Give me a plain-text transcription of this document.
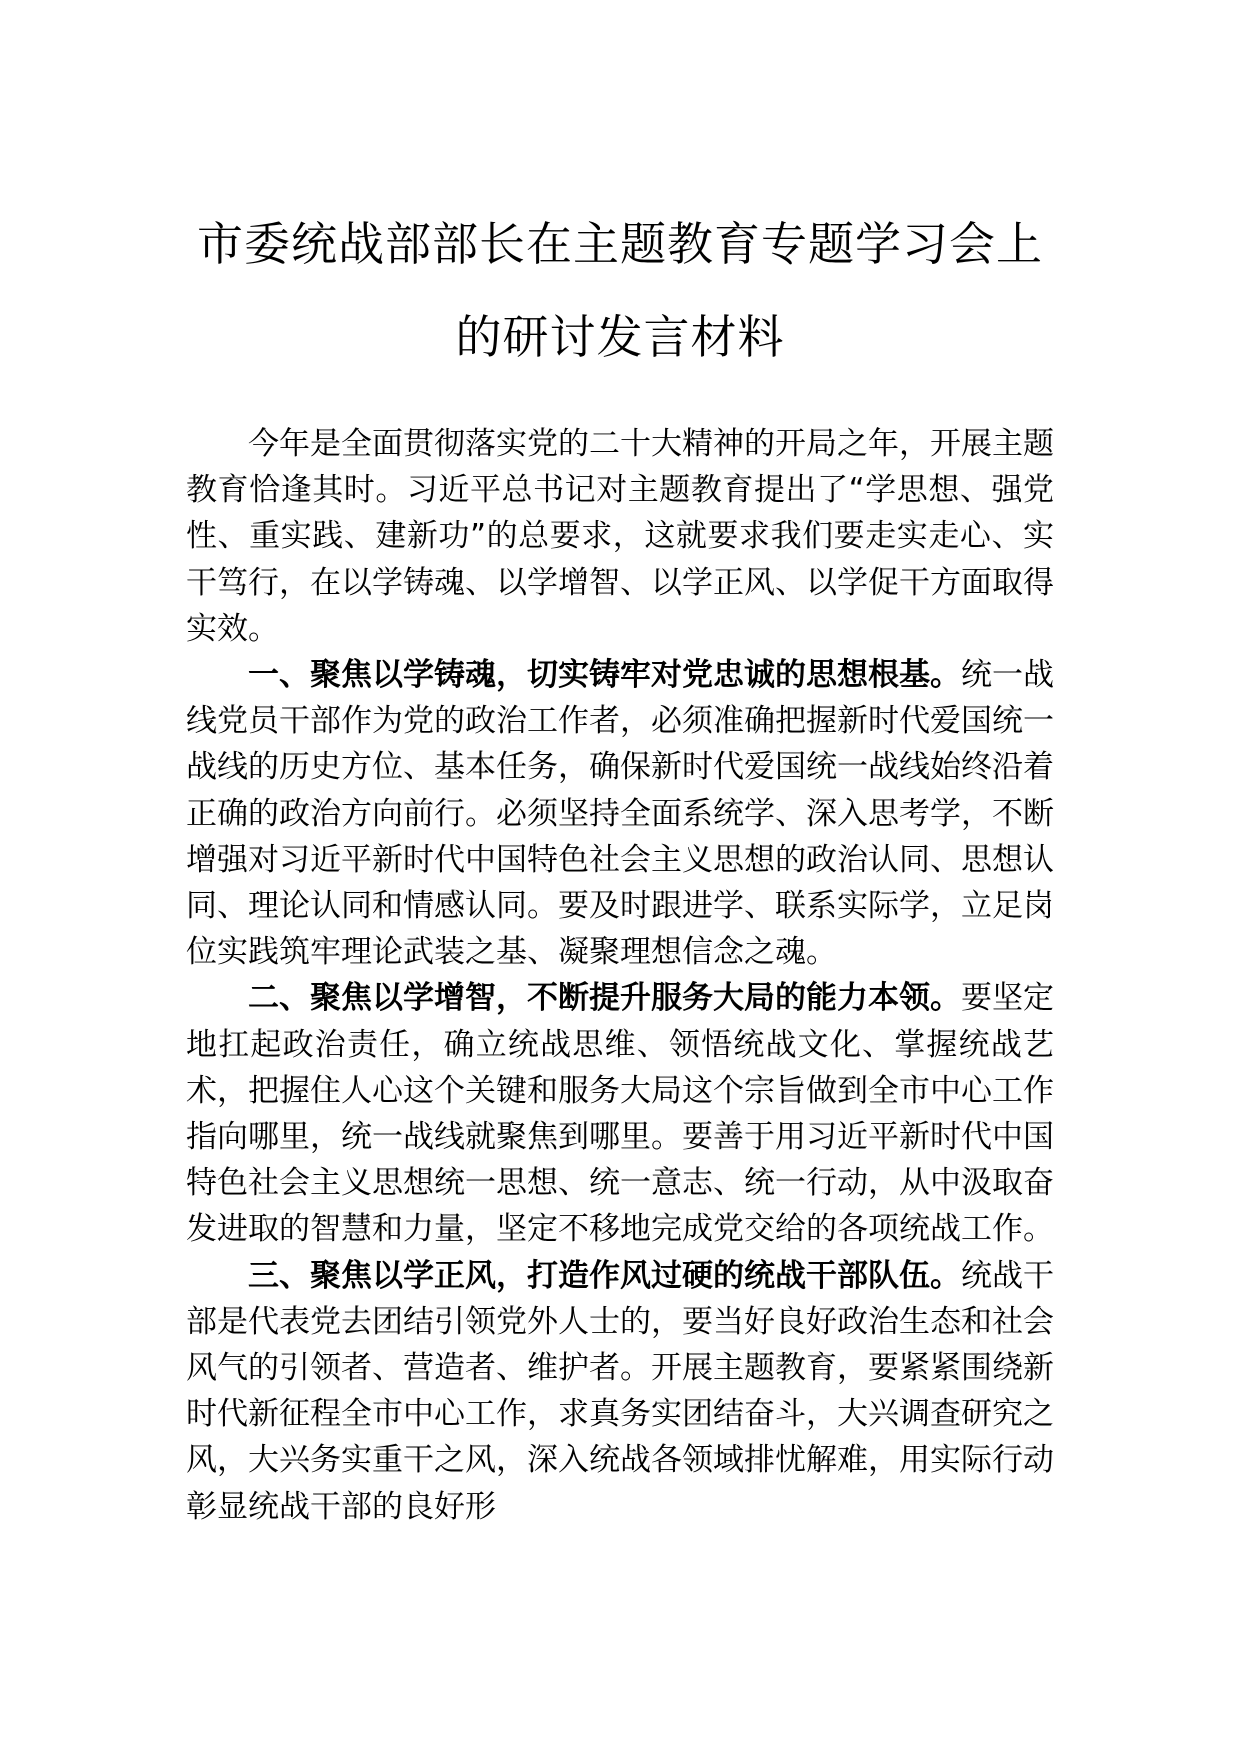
市委统战部部长在主题教育专题学习会上
的研讨发言材料

今年是全面贯彻落实党的二十大精神的开局之年，开展主题教育恰逢其时。习近平总书记对主题教育提出了“学思想、强党性、重实践、建新功”的总要求，这就要求我们要走实走心、实干笃行，在以学铸魂、以学增智、以学正风、以学促干方面取得实效。

一、聚焦以学铸魂，切实铸牢对党忠诚的思想根基。统一战线党员干部作为党的政治工作者，必须准确把握新时代爱国统一战线的历史方位、基本任务，确保新时代爱国统一战线始终沿着正确的政治方向前行。必须坚持全面系统学、深入思考学，不断增强对习近平新时代中国特色社会主义思想的政治认同、思想认同、理论认同和情感认同。要及时跟进学、联系实际学，立足岗位实践筑牢理论武装之基、凝聚理想信念之魂。

二、聚焦以学增智，不断提升服务大局的能力本领。要坚定地扛起政治责任，确立统战思维、领悟统战文化、掌握统战艺术，把握住人心这个关键和服务大局这个宗旨做到全市中心工作指向哪里，统一战线就聚焦到哪里。要善于用习近平新时代中国特色社会主义思想统一思想、统一意志、统一行动，从中汲取奋发进取的智慧和力量，坚定不移地完成党交给的各项统战工作。

三、聚焦以学正风，打造作风过硬的统战干部队伍。统战干部是代表党去团结引领党外人士的，要当好良好政治生态和社会风气的引领者、营造者、维护者。开展主题教育，要紧紧围绕新时代新征程全市中心工作，求真务实团结奋斗，大兴调查研究之风，大兴务实重干之风，深入统战各领域排忧解难，用实际行动彰显统战干部的良好形
